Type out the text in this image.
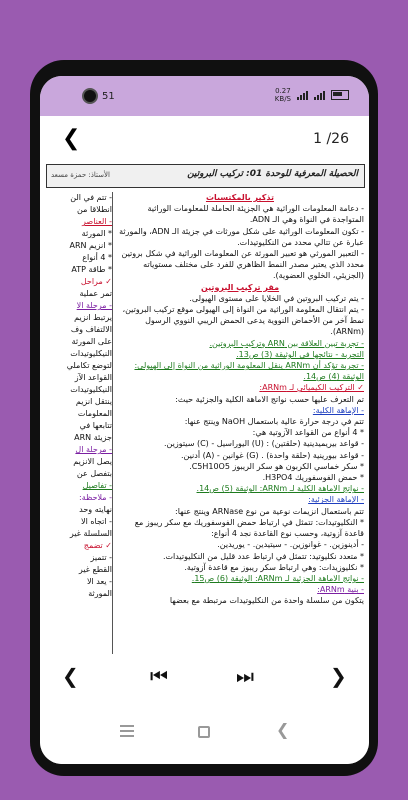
51	0.27
KB/S
❮	1 /26
الحصيلة المعرفية للوحدة 01: تركيب البروتين
الأستاذ: حمزة مسعد
- تتم في الن
انطلاقا من
- العناصر
* المورثة
* انزيم ARN
* 4 أنواع
* طاقة ATP
✓ مراحل
تمر عملية
- مرحلة الا
يرتبط انزيم
الالتفاف وف
على المورثة
النيكليوتيدات
لتوضع تكاملي
القواعد الآز
النيكليوتيدات
ينتقل انزيم
المعلومات
تتابعها في
جزيئة ARN
- مرحلة ال
يصل الانزيم
بتفصل عن
- تفاصيل
- ملاحظة:
نهايته وحد
- اتجاه الا
السلسلة غير
✓ تضمج
- تتميز
القطع غير
- يعد الا
المورثة

تذكير بالمكتسبات

- دعامة المعلومات الوراثية هي الجزيئة الحاملة للمعلومات الوراثية المتواجدة في النواة وهي الـ ADN.

- تكون المعلومات الوراثية على شكل مورثات في جزيئة الـ ADN، والمورثة عبارة عن تتالي محدد من النكليوتيدات.

- التعبير المورثي هو تعبير المورثة عن المعلومات الوراثية في شكل بروتين محدد الذي يعتبر مصدر النمط الظاهري للفرد على مختلف مستوياته (الجزيئي، الخلوي العضوية).

مقر تركيب البروتين

- يتم تركيب البروتين في الخلايا على مستوى الهيولى.

- يتم انتقال المعلومة الوراثية من النواة إلى الهيولى موقع تركيب البروتين، نمط آخر من الأحماض النووية يدعى الحمض الريبي النووي الرسول (ARNm).

- تجربة تبين العلاقة بين ARN وتركيب البروتين.

التجربة - نتائجها في الوثيقة (3) ص13.

- تجربة تؤكد أن ARNm ينقل المعلومة الوراثية من النواة إلى الهيولى: الوثيقة (4) ص14.

✓ التركيب الكيميائي لـ ARNm:

تم التعرف عليها حسب نواتج الاماهة الكلية والجزئية حيث:

- الإماهة الكلية:

تتم في درجة حرارة عالية باستعمال NaOH وينتج عنها:

* 4 أنواع من القواعد الآزوتية هي:

- قواعد بيريميدينية (حلقتين) : (U) اليوراسيل - (C) سيتوزين.

- قواعد بيورينية (حلقة واحدة) . (G) غوانين - (A) أدنين.

* سكر خماسي الكربون هو سكر الريبوز C5H10O5.

* حمض الفوسفوريك H3PO4.

- نواتج الاماهة الكلية لـ ARNm: الوثيقة (5) ص14.

- الإماهة الجزئية:

تتم باستعمال انزيمات نوعية من نوع ARNase وينتج عنها:

* النكليوتيدات: تتمثل في ارتباط حمض الفوسفوريك مع سكر ريبوز مع قاعدة آزوتية، وحسب نوع القاعدة نجد 4 أنواع:

- أدينوزين. - غوانوزين. - سيتيدين. - يوريدين.

* متعدد نكليوتيد: تتمثل في ارتباط عدد قليل من النكليوتيدات.

* نكليوزيدات: وهي ارتباط سكر ريبوز مع قاعدة آزوتية.

- نواتج الاماهة الجزئية لـ ARNm: الوثيقة (6) ص15.

- بنية ARNm:

يتكون من سلسلة واحدة من النكليوتيدات مرتبطة مع بعضها

❮	⏮	⏭	❯
❮
